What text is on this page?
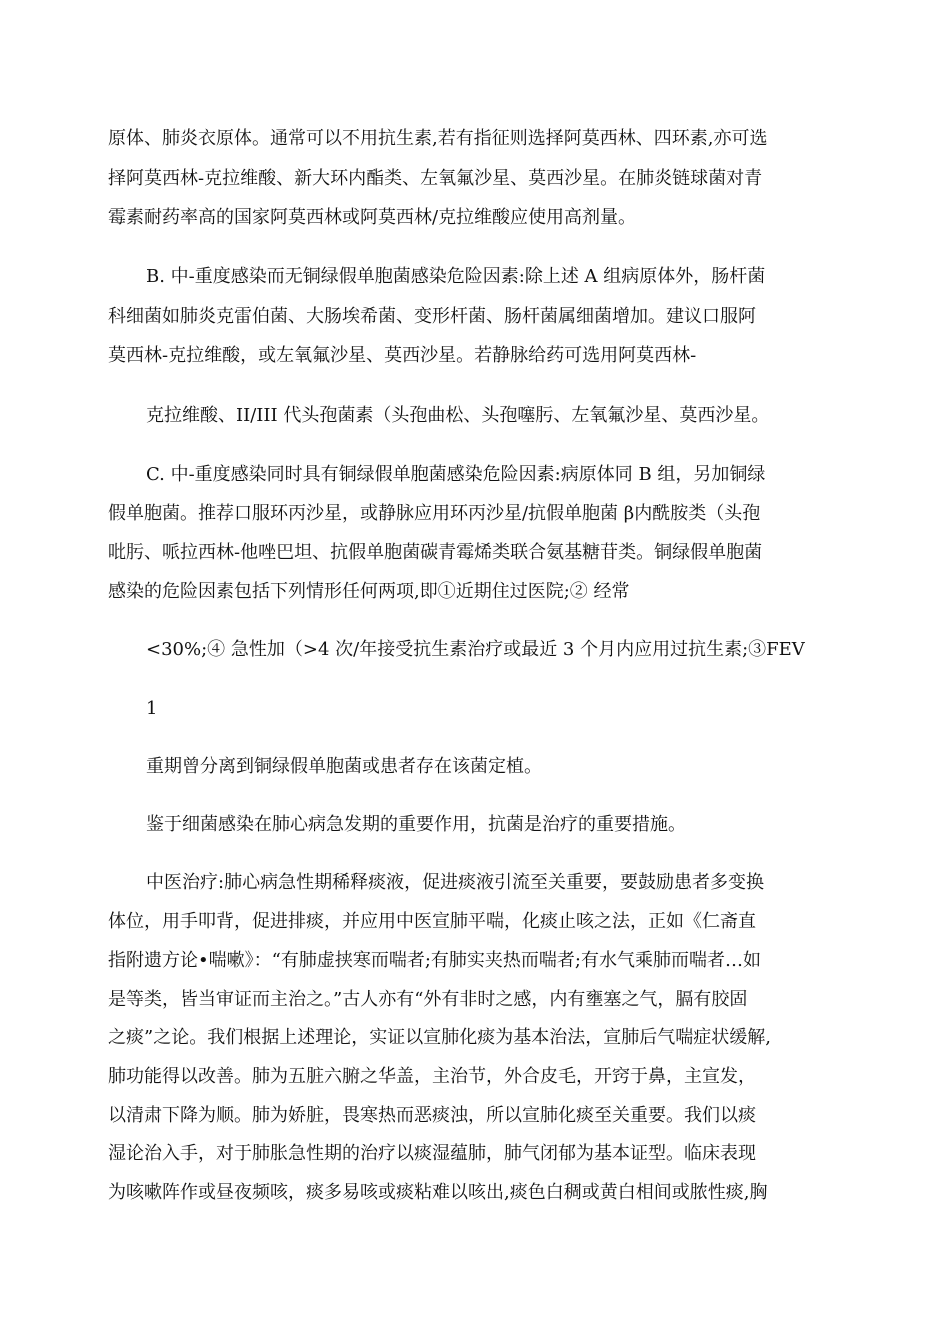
原体、肺炎衣原体。通常可以不用抗生素,若有指征则选择阿莫西林、四环素,亦可选
择阿莫西林-克拉维酸、新大环内酯类、左氧氟沙星、莫西沙星。在肺炎链球菌对青
霉素耐药率高的国家阿莫西林或阿莫西林/克拉维酸应使用高剂量。
B. 中-重度感染而无铜绿假单胞菌感染危险因素:除上述 A 组病原体外，肠杆菌
科细菌如肺炎克雷伯菌、大肠埃希菌、变形杆菌、肠杆菌属细菌增加。建议口服阿
莫西林-克拉维酸，或左氧氟沙星、莫西沙星。若静脉给药可选用阿莫西林-
克拉维酸、II/III 代头孢菌素（头孢曲松、头孢噻肟、左氧氟沙星、莫西沙星。
C. 中-重度感染同时具有铜绿假单胞菌感染危险因素:病原体同 B 组，另加铜绿
假单胞菌。推荐口服环丙沙星，或静脉应用环丙沙星/抗假单胞菌 β内酰胺类（头孢
吡肟、哌拉西林-他唑巴坦、抗假单胞菌碳青霉烯类联合氨基糖苷类。铜绿假单胞菌
感染的危险因素包括下列情形任何两项,即①近期住过医院;② 经常
<30%;④ 急性加（>4 次/年接受抗生素治疗或最近 3 个月内应用过抗生素;③FEV
1
重期曾分离到铜绿假单胞菌或患者存在该菌定植。
鉴于细菌感染在肺心病急发期的重要作用，抗菌是治疗的重要措施。
中医治疗:肺心病急性期稀释痰液，促进痰液引流至关重要，要鼓励患者多变换
体位，用手叩背，促进排痰，并应用中医宣肺平喘，化痰止咳之法，正如《仁斋直
指附遗方论•喘嗽》：“有肺虚挟寒而喘者;有肺实夹热而喘者;有水气乘肺而喘者…如
是等类，皆当审证而主治之。”古人亦有“外有非时之感，内有壅塞之气，膈有胶固
之痰”之论。我们根据上述理论，实证以宣肺化痰为基本治法，宣肺后气喘症状缓解,
肺功能得以改善。肺为五脏六腑之华盖，主治节，外合皮毛，开窍于鼻，主宣发，
以清肃下降为顺。肺为娇脏，畏寒热而恶痰浊，所以宣肺化痰至关重要。我们以痰
湿论治入手，对于肺胀急性期的治疗以痰湿蕴肺，肺气闭郁为基本证型。临床表现
为咳嗽阵作或昼夜频咳，痰多易咳或痰粘难以咳出,痰色白稠或黄白相间或脓性痰,胸
